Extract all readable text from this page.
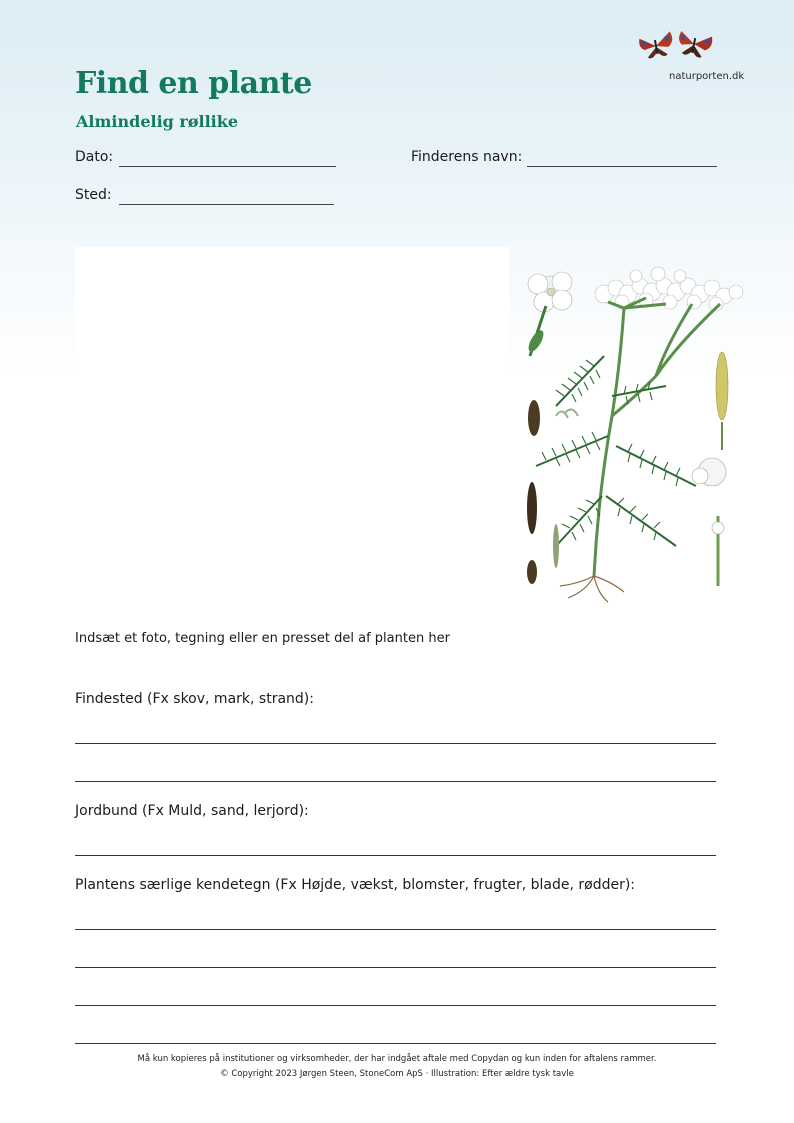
Find en plante
Almindelig røllike
naturporten.dk
Dato:	Finderens navn:
Sted:
Indsæt et foto, tegning eller en presset del af planten her
Findested (Fx skov, mark, strand):
Jordbund (Fx Muld, sand, lerjord):
Plantens særlige kendetegn (Fx Højde, vækst, blomster, frugter, blade, rødder):
Må kun kopieres på institutioner og virksomheder, der har indgået aftale med Copydan og kun inden for aftalens rammer.
© Copyright 2023 Jørgen Steen, StoneCom ApS · Illustration: Efter ældre tysk tavle
